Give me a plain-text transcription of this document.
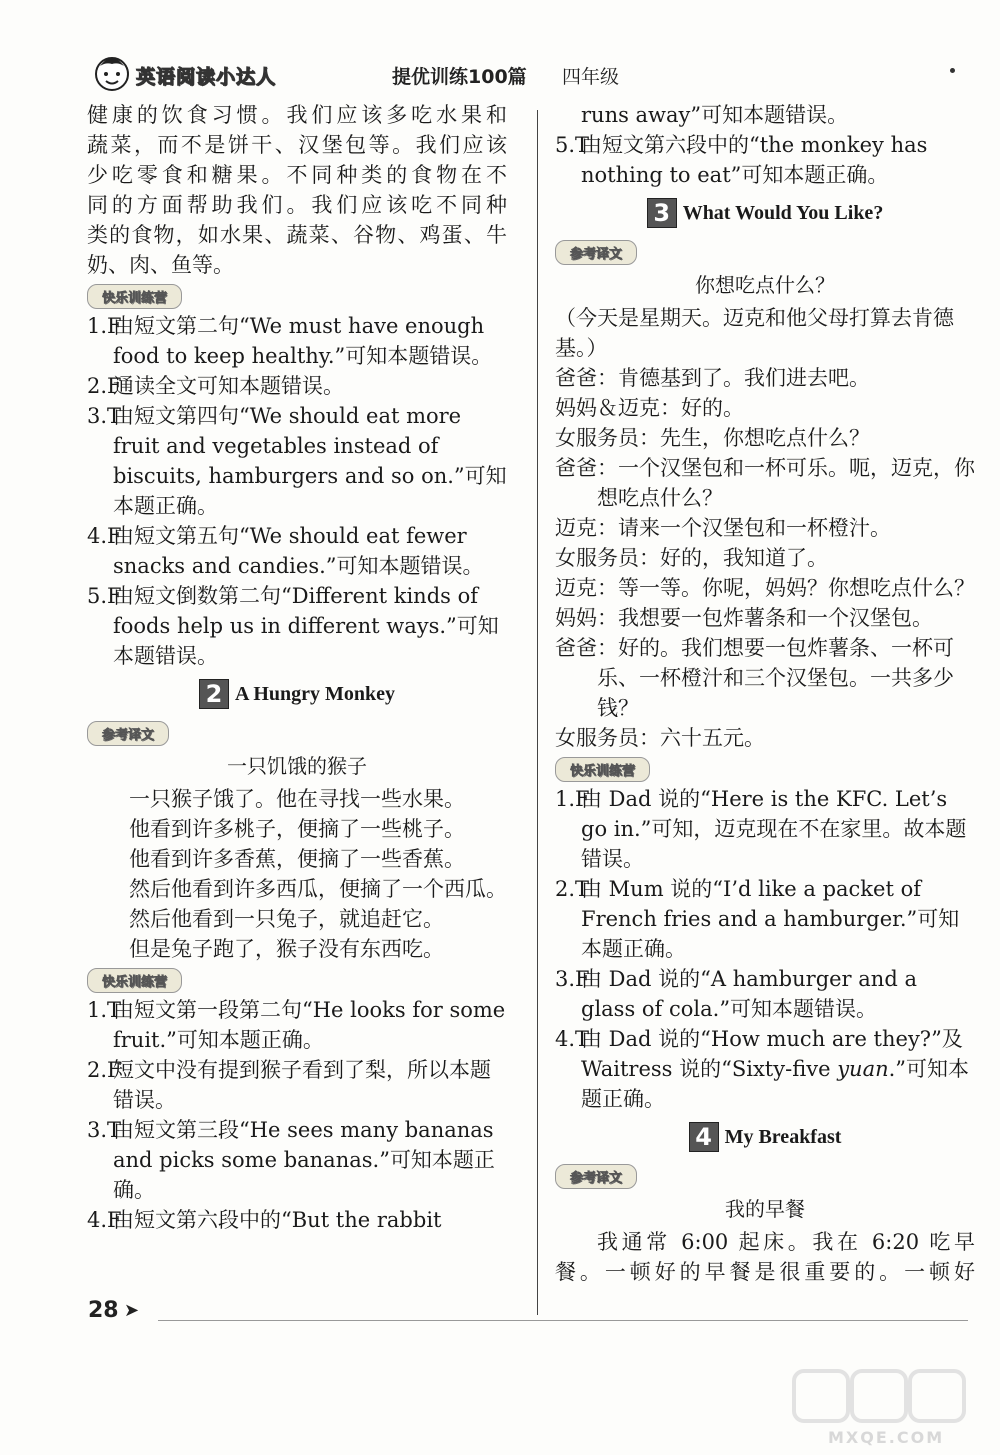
英语阅读小达人	提优训练100篇 四年级

健康的饮食习惯。我们应该多吃水果和

蔬菜，而不是饼干、汉堡包等。我们应该

少吃零食和糖果。不同种类的食物在不

同的方面帮助我们。我们应该吃不同种

类的食物，如水果、蔬菜、谷物、鸡蛋、牛

奶、肉、鱼等。

快乐训练营

1.F由短文第二句“We must have enough food to keep healthy.”可知本题错误。

2.F通读全文可知本题错误。

3.T由短文第四句“We should eat more fruit and vegetables instead of biscuits, hamburgers and so on.”可知本题正确。

4.F由短文第五句“We should eat fewer snacks and candies.”可知本题错误。

5.F由短文倒数第二句“Different kinds of foods help us in different ways.”可知本题错误。

2 A Hungry Monkey
参考译文
一只饥饿的猴子

一只猴子饿了。他在寻找一些水果。

他看到许多桃子，便摘了一些桃子。

他看到许多香蕉，便摘了一些香蕉。

然后他看到许多西瓜，便摘了一个西瓜。

然后他看到一只兔子，就追赶它。

但是兔子跑了，猴子没有东西吃。

快乐训练营

1.T由短文第一段第二句“He looks for some fruit.”可知本题正确。

2.F短文中没有提到猴子看到了梨，所以本题错误。

3.T由短文第三段“He sees many bananas and picks some bananas.”可知本题正确。

4.F由短文第六段中的“But the rabbit

runs away”可知本题错误。

5.T由短文第六段中的“the monkey has nothing to eat”可知本题正确。

3 What Would You Like?
参考译文
你想吃点什么？

（今天是星期天。迈克和他父母打算去肯德基。）

爸爸：肯德基到了。我们进去吧。

妈妈＆迈克：好的。

女服务员：先生，你想吃点什么？

爸爸：一个汉堡包和一杯可乐。呃，迈克，你想吃点什么？

迈克：请来一个汉堡包和一杯橙汁。

女服务员：好的，我知道了。

迈克：等一等。你呢，妈妈？你想吃点什么？

妈妈：我想要一包炸薯条和一个汉堡包。

爸爸：好的。我们想要一包炸薯条、一杯可乐、一杯橙汁和三个汉堡包。一共多少钱？

女服务员：六十五元。

快乐训练营

1.F由 Dad 说的“Here is the KFC. Let’s go in.”可知，迈克现在不在家里。故本题错误。

2.T由 Mum 说的“I’d like a packet of French fries and a hamburger.”可知本题正确。

3.F由 Dad 说的“A hamburger and a glass of cola.”可知本题错误。

4.T由 Dad 说的“How much are they?”及 Waitress 说的“Sixty-five yuan.”可知本题正确。

4 My Breakfast
参考译文
我的早餐

我通常 6:00 起床。我在 6:20 吃早

餐。一顿好的早餐是很重要的。一顿好

28 ➤
MXQE.COM
